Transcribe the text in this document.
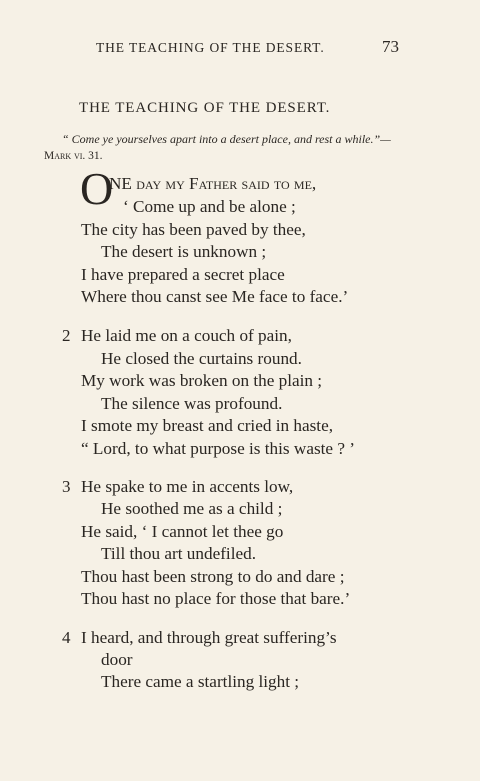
THE TEACHING OF THE DESERT.	73
THE TEACHING OF THE DESERT.
“ Come ye yourselves apart into a desert place, and rest a while.”—
Mark vi. 31.
O
NE day my Father said to me,
‘ Come up and be alone ;
The city has been paved by thee,
The desert is unknown ;
I have prepared a secret place
Where thou canst see Me face to face.’
2 He laid me on a couch of pain,
He closed the curtains round.
My work was broken on the plain ;
The silence was profound.
I smote my breast and cried in haste,
“ Lord, to what purpose is this waste ? ’
3 He spake to me in accents low,
He soothed me as a child ;
He said, ‘ I cannot let thee go
Till thou art undefiled.
Thou hast been strong to do and dare ;
Thou hast no place for those that bare.’
4 I heard, and through great suffering’s
door
There came a startling light ;
